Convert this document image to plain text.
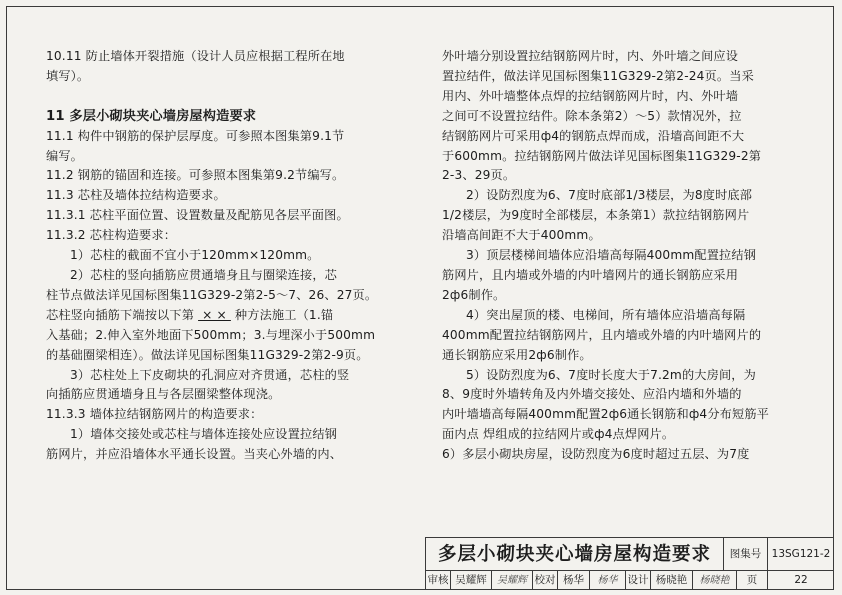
10.11 防止墙体开裂措施（设计人员应根据工程所在地

填写）。

11 多层小砌块夹心墙房屋构造要求

11.1 构件中钢筋的保护层厚度。可参照本图集第9.1节

编写。

11.2 钢筋的锚固和连接。可参照本图集第9.2节编写。

11.3 芯柱及墙体拉结构造要求。

11.3.1 芯柱平面位置、设置数量及配筋见各层平面图。

11.3.2 芯柱构造要求：

1）芯柱的截面不宜小于120mm×120mm。

2）芯柱的竖向插筋应贯通墙身且与圈梁连接，芯

柱节点做法详见国标图集11G329-2第2-5～7、26、27页。

芯柱竖向插筋下端按以下第  × ×  种方法施工（1.锚

入基础；2.伸入室外地面下500mm；3.与埋深小于500mm

的基础圈梁相连）。做法详见国标图集11G329-2第2-9页。

3）芯柱处上下皮砌块的孔洞应对齐贯通，芯柱的竖

向插筋应贯通墙身且与各层圈梁整体现浇。

11.3.3 墙体拉结钢筋网片的构造要求：

1）墙体交接处或芯柱与墙体连接处应设置拉结钢

筋网片，并应沿墙体水平通长设置。当夹心外墙的内、

外叶墙分别设置拉结钢筋网片时，内、外叶墙之间应设

置拉结件，做法详见国标图集11G329-2第2-24页。当采

用内、外叶墙整体点焊的拉结钢筋网片时，内、外叶墙

之间可不设置拉结件。除本条第2）～5）款情况外，拉

结钢筋网片可采用ф4的钢筋点焊而成，沿墙高间距不大

于600mm。拉结钢筋网片做法详见国标图集11G329-2第

2-3、29页。

2）设防烈度为6、7度时底部1/3楼层，为8度时底部

1/2楼层，为9度时全部楼层，本条第1）款拉结钢筋网片

沿墙高间距不大于400mm。

3）顶层楼梯间墙体应沿墙高每隔400mm配置拉结钢

筋网片，且内墙或外墙的内叶墙网片的通长钢筋应采用

2ф6制作。

4）突出屋顶的楼、电梯间，所有墙体应沿墙高每隔

400mm配置拉结钢筋网片，且内墙或外墙的内叶墙网片的

通长钢筋应采用2ф6制作。

5）设防烈度为6、7度时长度大于7.2m的大房间，为

8、9度时外墙转角及内外墙交接处、应沿内墙和外墙的

内叶墙墙高每隔400mm配置2ф6通长钢筋和ф4分布短筋平

面内点 焊组成的拉结网片或ф4点焊网片。

6）多层小砌块房屋，设防烈度为6度时超过五层、为7度

多层小砌块夹心墙房屋构造要求	图集号 13SG121-2
审核 吴耀辉	吴耀辉 校对 杨华	杨华 设计 杨晓艳	杨晓艳	页	22
